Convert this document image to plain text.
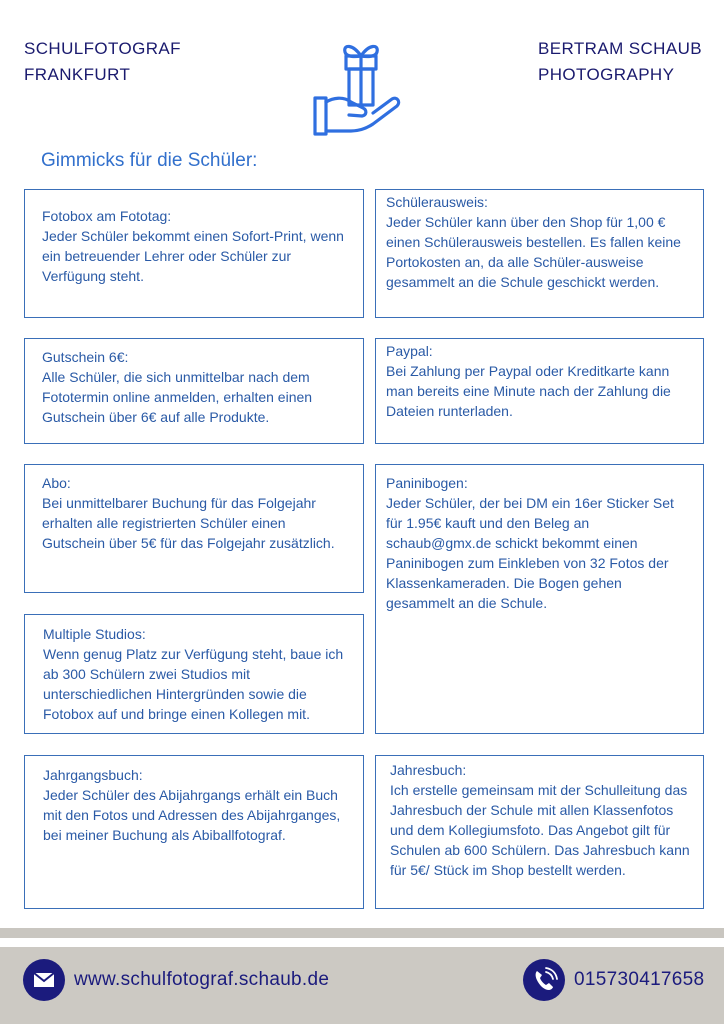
SCHULFOTOGRAF
FRANKFURT
BERTRAM SCHAUB
PHOTOGRAPHY
Gimmicks für die Schüler:
Fotobox am Fototag:
Jeder Schüler bekommt einen Sofort-Print, wenn ein betreuender Lehrer oder Schüler zur Verfügung steht.
Schülerausweis:
Jeder Schüler kann über den Shop für 1,00 € einen Schülerausweis bestellen. Es fallen keine Portokosten an, da alle Schüler-ausweise gesammelt an die Schule geschickt werden.
Gutschein 6€:
Alle Schüler, die sich unmittelbar nach dem Fototermin online anmelden, erhalten einen Gutschein über 6€ auf alle Produkte.
Paypal:
Bei Zahlung per Paypal oder Kreditkarte kann man bereits eine Minute nach der Zahlung die Dateien runterladen.
Abo:
Bei unmittelbarer Buchung für das Folgejahr erhalten alle registrierten Schüler einen Gutschein über 5€ für das Folgejahr zusätzlich.
Paninibogen:
Jeder Schüler, der bei DM ein 16er Sticker Set für 1.95€ kauft und den Beleg an schaub@gmx.de schickt bekommt einen Paninibogen zum Einkleben von 32 Fotos der Klassenkameraden. Die Bogen gehen gesammelt an die Schule.
Multiple Studios:
Wenn genug Platz zur Verfügung steht, baue ich ab 300 Schülern zwei Studios mit unterschiedlichen Hintergründen sowie die Fotobox auf und bringe einen Kollegen mit.
Jahrgangsbuch:
Jeder Schüler des Abijahrgangs erhält ein Buch mit den Fotos und Adressen des Abijahrganges, bei meiner Buchung als Abiballfotograf.
Jahresbuch:
Ich erstelle gemeinsam mit der Schulleitung das Jahresbuch der Schule mit allen Klassenfotos und dem Kollegiumsfoto. Das Angebot gilt für Schulen ab 600 Schülern. Das Jahresbuch kann für 5€/ Stück im Shop bestellt werden.
www.schulfotograf.schaub.de	015730417658
